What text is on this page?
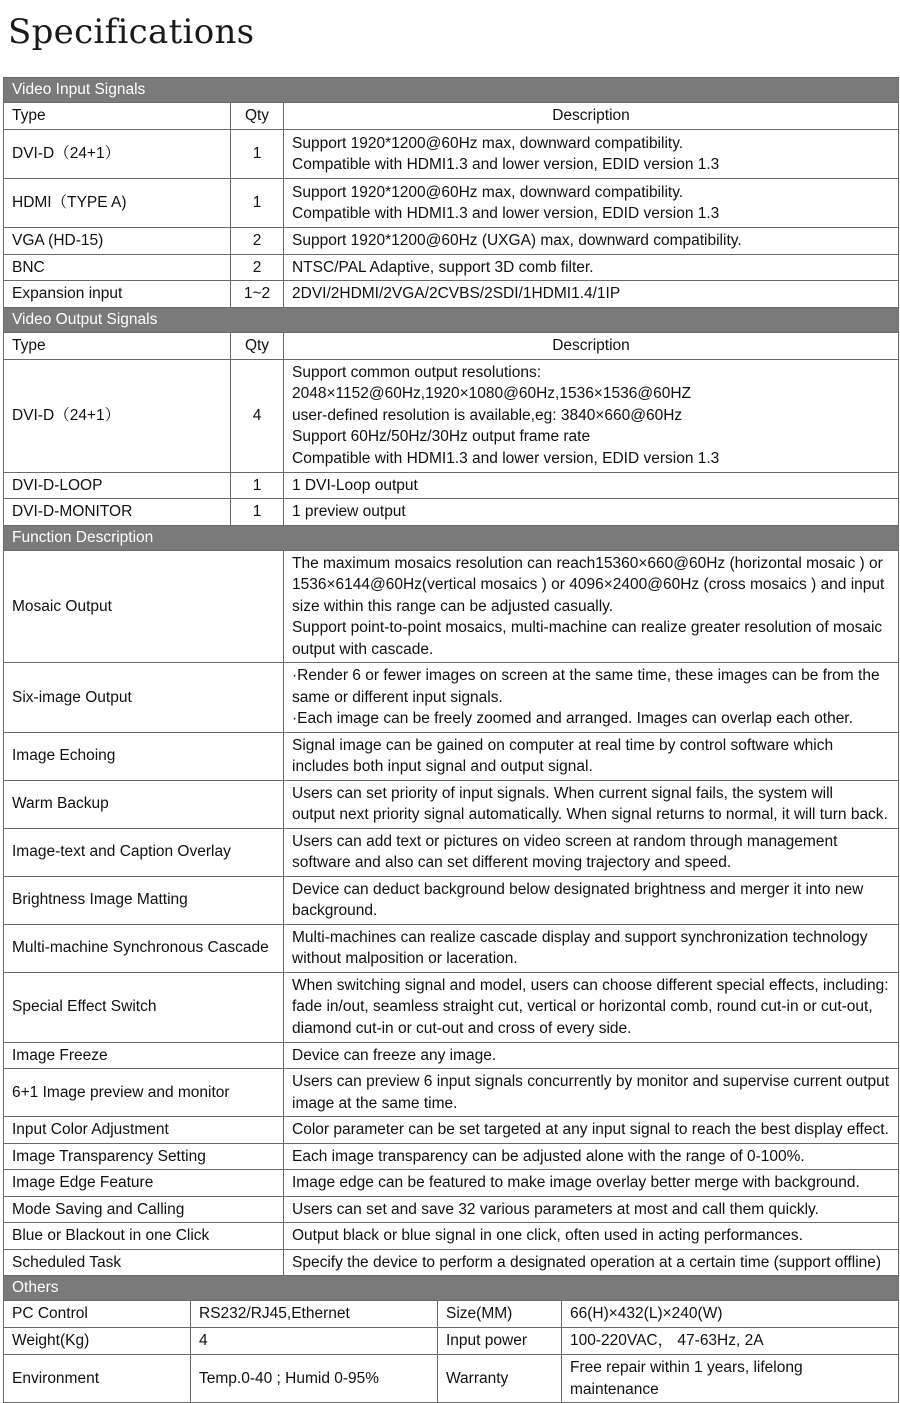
Specifications
Video Input Signals					
Type		Qty	Description		
DVI-D（24+1）		1	Support 1920*1200@60Hz max, downward compatibility.
Compatible with HDMI1.3 and lower version, EDID version 1.3		

HDMI（TYPE A)		1	Support 1920*1200@60Hz max, downward compatibility.
Compatible with HDMI1.3 and lower version, EDID version 1.3		

VGA (HD-15)		2	Support 1920*1200@60Hz (UXGA) max, downward compatibility.		

BNC		2	NTSC/PAL Adaptive, support 3D comb filter.		

Expansion input		1~2	2DVI/2HDMI/2VGA/2CVBS/2SDI/1HDMI1.4/1IP		

Video Output Signals					
Type		Qty	Description		
DVI-D（24+1）		4	Support common output resolutions:
2048×1152@60Hz,1920×1080@60Hz,1536×1536@60HZ
user-defined resolution is available,eg: 3840×660@60Hz
Support 60Hz/50Hz/30Hz output frame rate
Compatible with HDMI1.3 and lower version, EDID version 1.3		

DVI-D-LOOP		1	1 DVI-Loop output		

DVI-D-MONITOR		1	1 preview output		

Function Description					
Mosaic Output			The maximum mosaics resolution can reach15360×660@60Hz (horizontal mosaic ) or 1536×6144@60Hz(vertical mosaics ) or 4096×2400@60Hz (cross mosaics ) and input size within this range can be adjusted casually.
Support point-to-point mosaics, multi-machine can realize greater resolution of mosaic output with cascade.		

Six-image Output			·Render 6 or fewer images on screen at the same time, these images can be from the same or different input signals.
·Each image can be freely zoomed and arranged. Images can overlap each other.		

Image Echoing			Signal image can be gained on computer at real time by control software which includes both input signal and output signal.		

Warm Backup			Users can set priority of input signals. When current signal fails, the system will
output next priority signal automatically. When signal returns to normal, it will turn back.		

Image-text and Caption Overlay			Users can add text or pictures on video screen at random through management software and also can set different moving trajectory and speed.		

Brightness Image Matting			Device can deduct background below designated brightness and merger it into new background.		

Multi-machine Synchronous Cascade			Multi-machines can realize cascade display and support synchronization technology without malposition or laceration.		

Special Effect Switch			When switching signal and model, users can choose different special effects, including: fade in/out, seamless straight cut, vertical or horizontal comb, round cut-in or cut-out, diamond cut-in or cut-out and cross of every side.		

Image Freeze			Device can freeze any image.		

6+1 Image preview and monitor			Users can preview 6 input signals concurrently by monitor and supervise current output image at the same time.		

Input Color Adjustment			Color parameter can be set targeted at any input signal to reach the best display effect.		

Image Transparency Setting			Each image transparency can be adjusted alone with the range of 0-100%.		

Image Edge Feature			Image edge can be featured to make image overlay better merge with background.		

Mode Saving and Calling			Users can set and save 32 various parameters at most and call them quickly.		

Blue or Blackout in one Click			Output black or blue signal in one click, often used in acting performances.		

Scheduled Task			Specify the device to perform a designated operation at a certain time (support offline)		

Others					
PC Control	RS232/RJ45,Ethernet			Size(MM)	66(H)×432(L)×240(W)
Weight(Kg)	4			Input power	100-220VAC， 47-63Hz, 2A
Environment	Temp.0-40 ; Humid 0-95%			Warranty	Free repair within 1 years, lifelong maintenance
